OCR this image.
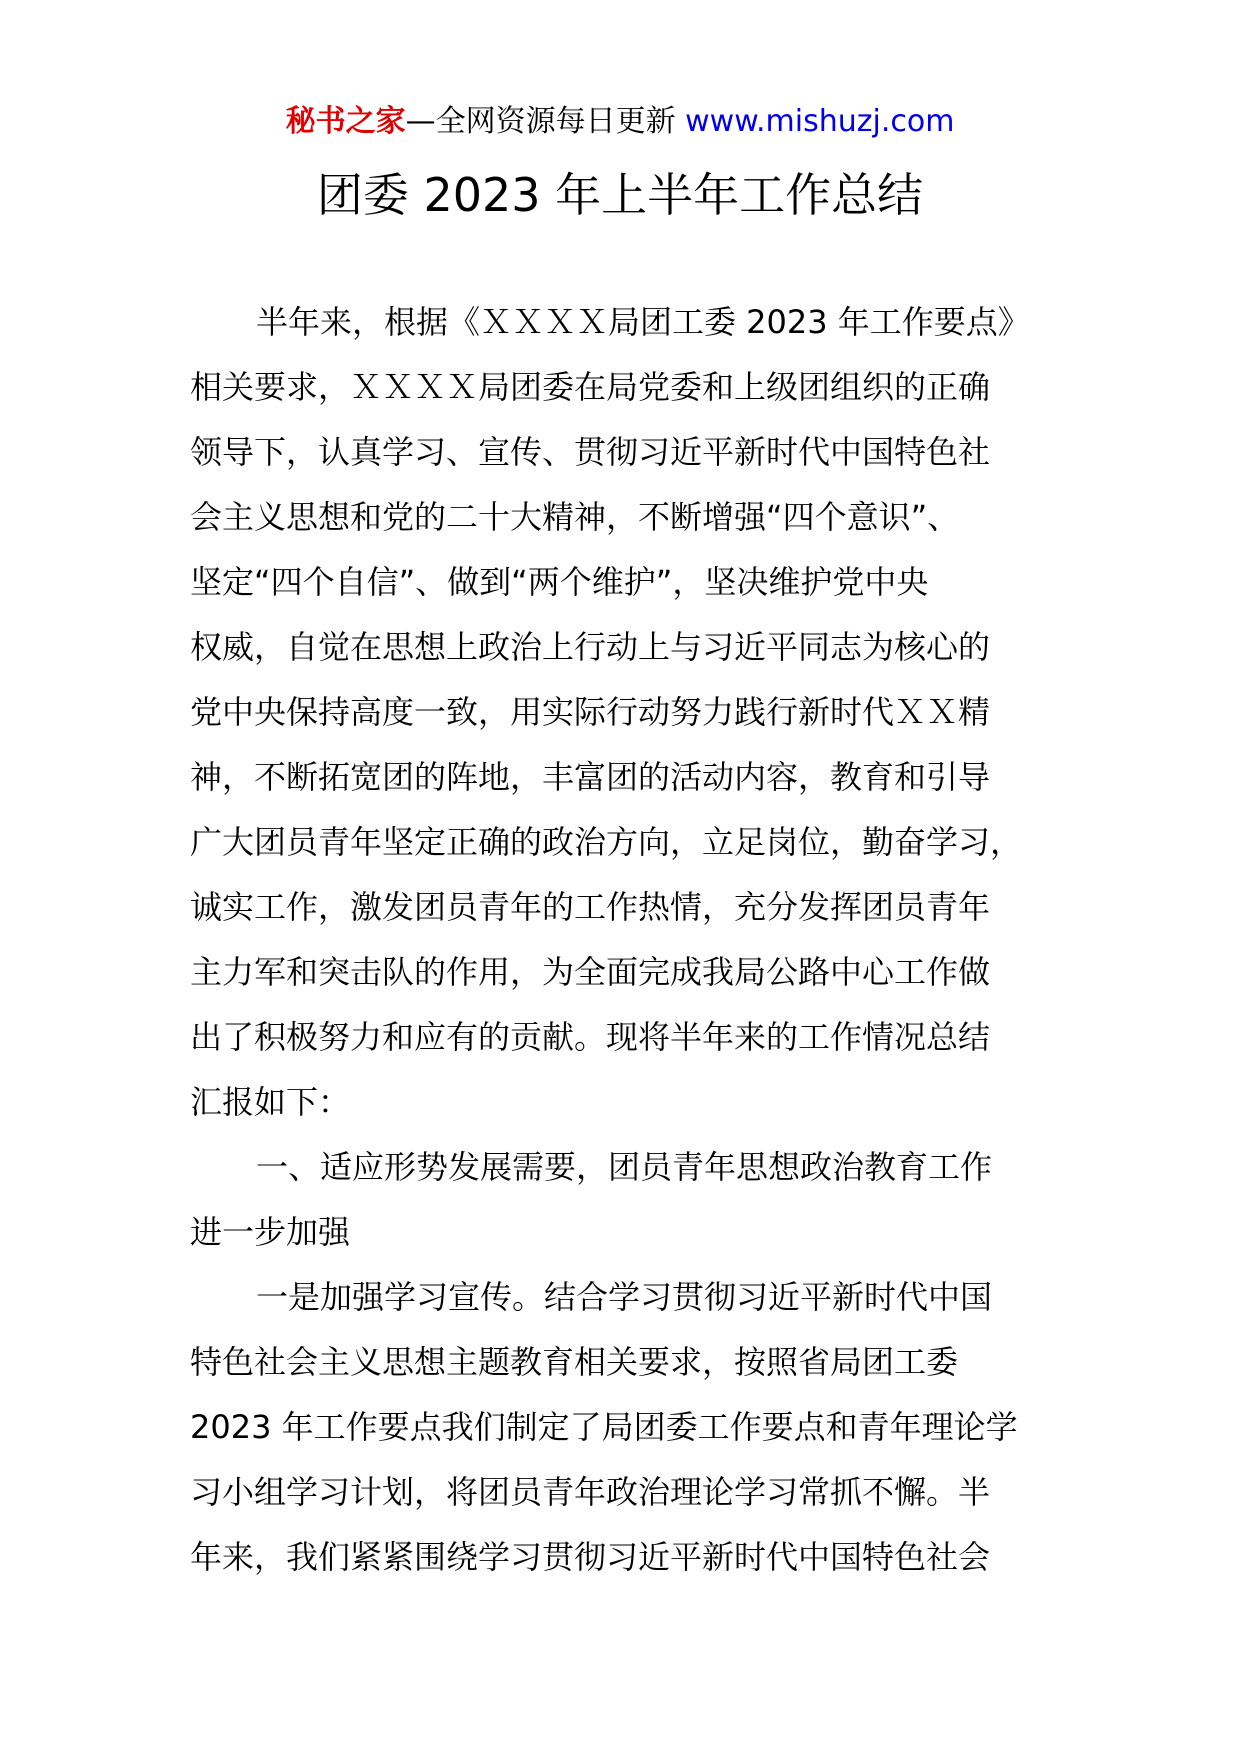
秘书之家—全网资源每日更新 www.mishuzj.com
团委 2023 年上半年工作总结
半年来，根据《ＸＸＸＸ局团工委 2023 年工作要点》
相关要求，ＸＸＸＸ局团委在局党委和上级团组织的正确
领导下，认真学习、宣传、贯彻习近平新时代中国特色社
会主义思想和党的二十大精神，不断增强“四个意识”、
坚定“四个自信”、做到“两个维护”，坚决维护党中央
权威，自觉在思想上政治上行动上与习近平同志为核心的
党中央保持高度一致，用实际行动努力践行新时代ＸＸ精
神，不断拓宽团的阵地，丰富团的活动内容，教育和引导
广大团员青年坚定正确的政治方向，立足岗位，勤奋学习，
诚实工作，激发团员青年的工作热情，充分发挥团员青年
主力军和突击队的作用，为全面完成我局公路中心工作做
出了积极努力和应有的贡献。现将半年来的工作情况总结
汇报如下：
一、适应形势发展需要，团员青年思想政治教育工作
进一步加强
一是加强学习宣传。结合学习贯彻习近平新时代中国
特色社会主义思想主题教育相关要求，按照省局团工委
2023 年工作要点我们制定了局团委工作要点和青年理论学
习小组学习计划，将团员青年政治理论学习常抓不懈。半
年来，我们紧紧围绕学习贯彻习近平新时代中国特色社会
